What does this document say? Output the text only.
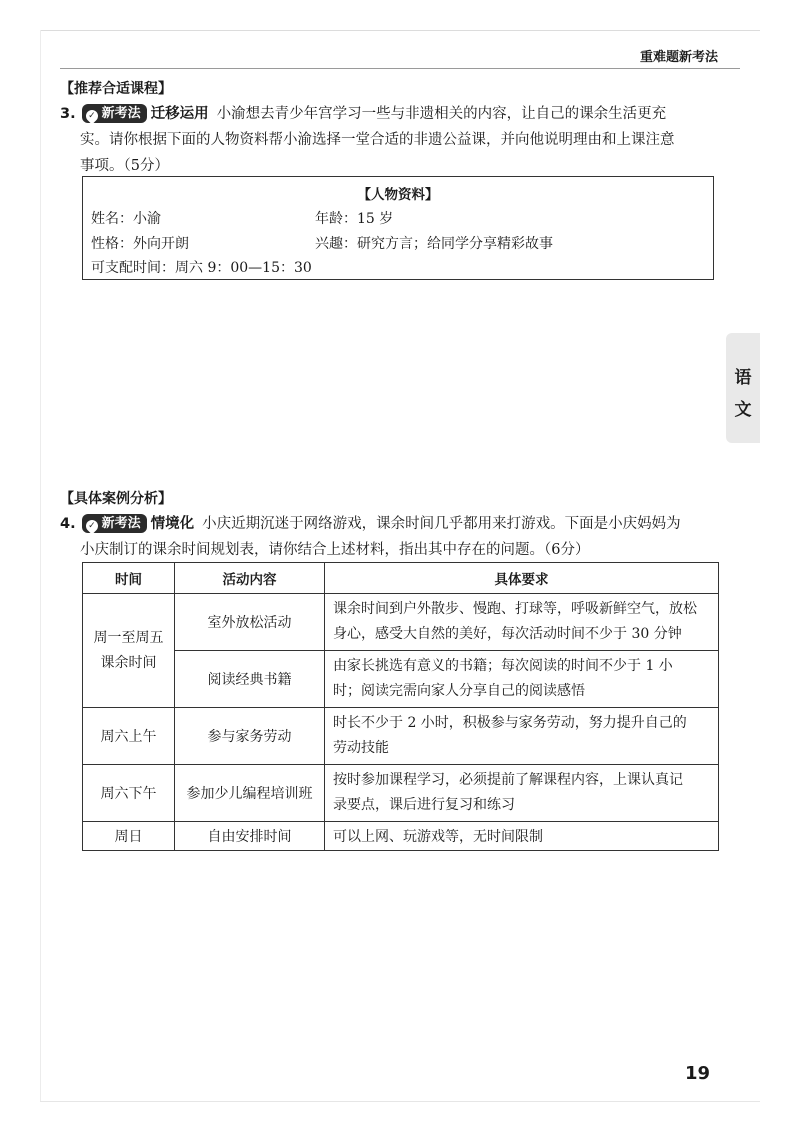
重难题新考法
【推荐合适课程】
3. ✓ 新考法 迁移运用 小渝想去青少年宫学习一些与非遗相关的内容，让自己的课余生活更充
实。请你根据下面的人物资料帮小渝选择一堂合适的非遗公益课，并向他说明理由和上课注意
事项。（5分）
【人物资料】
姓名：小渝	年龄：15 岁
性格：外向开朗	兴趣：研究方言；给同学分享精彩故事
可支配时间：周六 9：00—15：30
语
文
【具体案例分析】
4. ✓ 新考法 情境化 小庆近期沉迷于网络游戏，课余时间几乎都用来打游戏。下面是小庆妈妈为
小庆制订的课余时间规划表，请你结合上述材料，指出其中存在的问题。（6分）
时间	活动内容	具体要求
周一至周五课余时间	室外放松活动	课余时间到户外散步、慢跑、打球等，呼吸新鲜空气，放松
身心，感受大自然的美好，每次活动时间不少于 30 分钟

	阅读经典书籍	由家长挑选有意义的书籍；每次阅读的时间不少于 1 小
时；阅读完需向家人分享自己的阅读感悟

周六上午	参与家务劳动	时长不少于 2 小时，积极参与家务劳动，努力提升自己的
劳动技能

周六下午	参加少儿编程培训班	按时参加课程学习，必须提前了解课程内容，上课认真记
录要点，课后进行复习和练习

周日	自由安排时间	可以上网、玩游戏等，无时间限制
19
